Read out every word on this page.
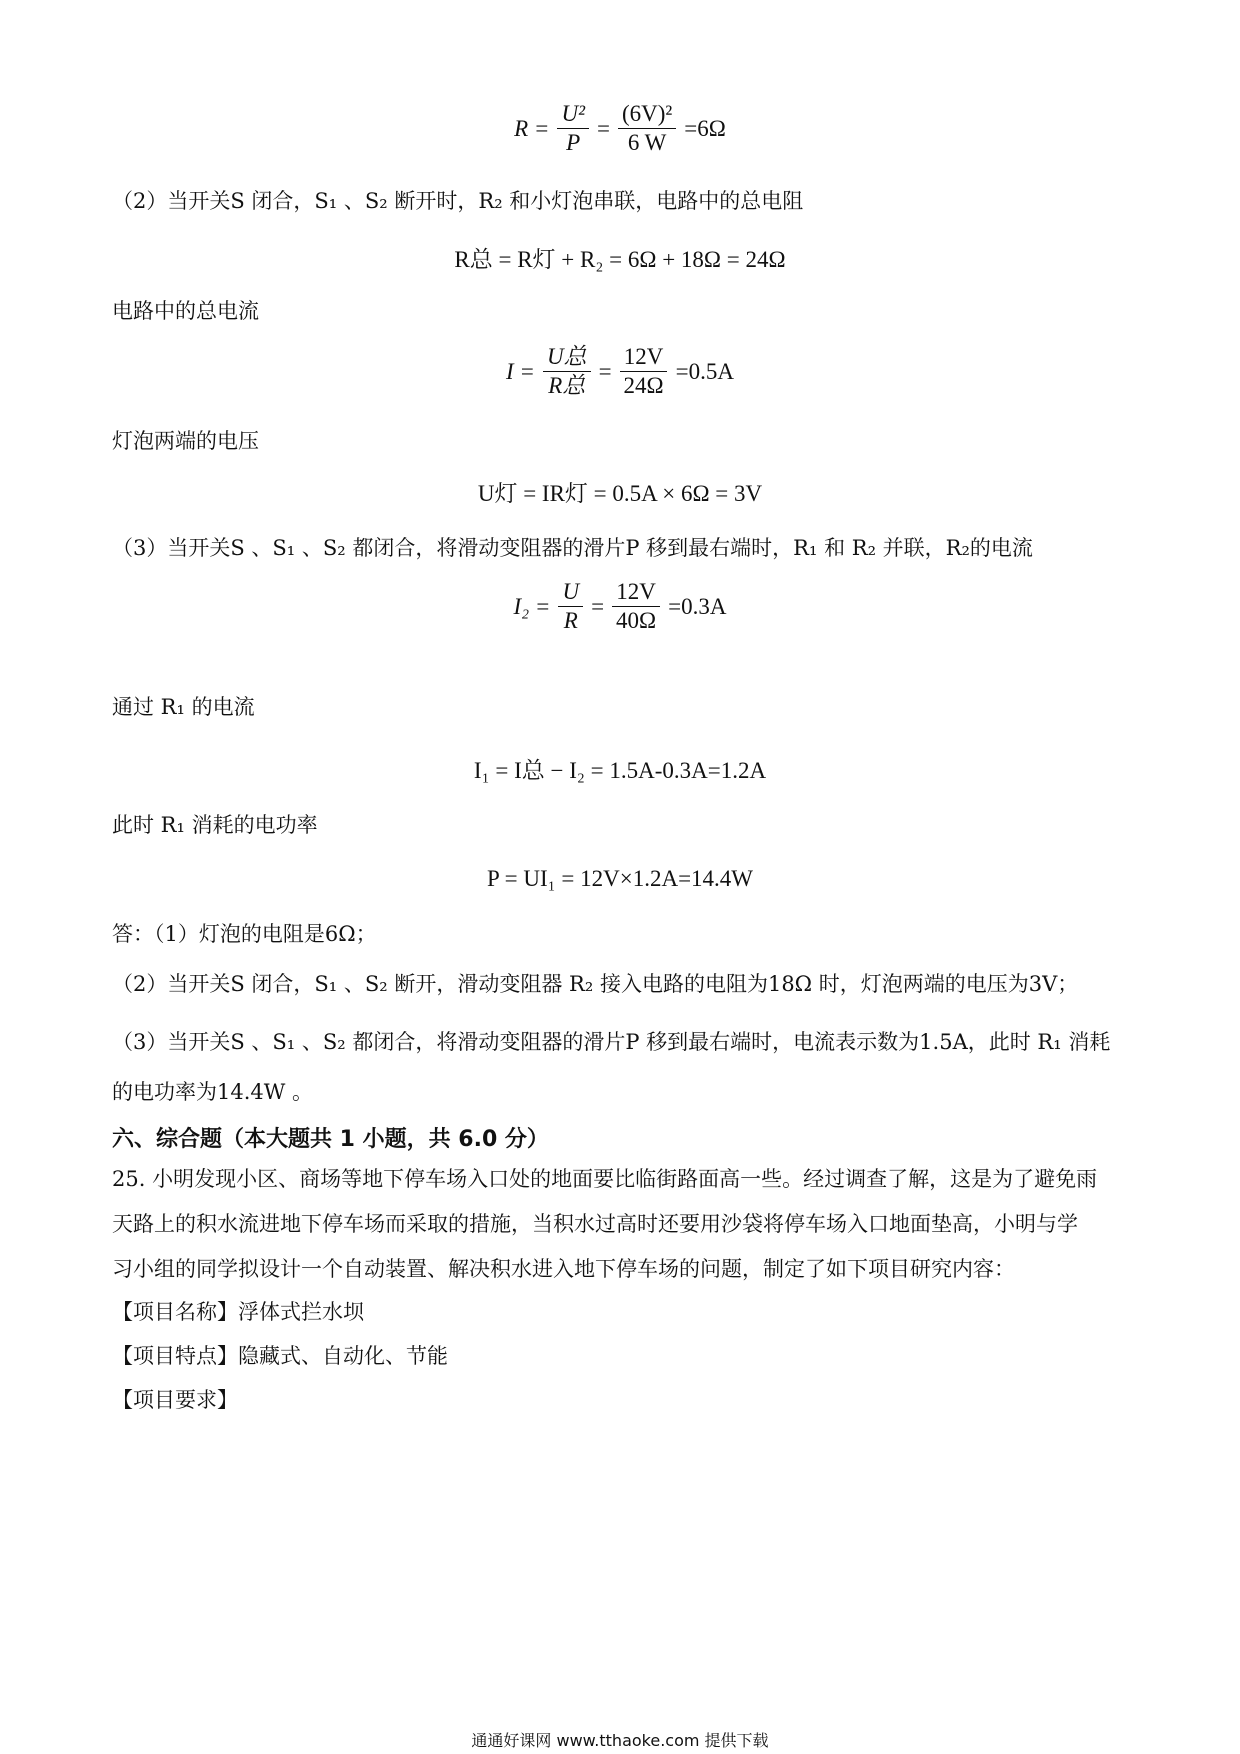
$R = \frac{\text{U²}}{P} = \frac{\text{(6V)²}}{6 W} =6\Omega$
（2）当开关S 闭合，S₁ 、S₂ 断开时，R₂ 和小灯泡串联，电路中的总电阻
R总 = R灯 + R₂ = 6Ω + 18Ω = 24Ω
电路中的总电流
$I = \frac{\text{U总}}{\text{R总}} = \frac{12V}{24\Omega} =0.5A$
灯泡两端的电压
U灯 = IR灯 = 0.5A × 6Ω = 3V
（3）当开关S 、S₁ 、S₂ 都闭合，将滑动变阻器的滑片P 移到最右端时，R₁ 和 R₂ 并联，R₂的电流
$I_2 = \frac{U}{R} = \frac{12V}{40\Omega} =0.3A$
通过 R₁ 的电流
I₁ = I总 − I₂ = 1.5A-0.3A=1.2A
此时 R₁ 消耗的电功率
P = UI₁ = 12V×1.2A=14.4W
答：（1）灯泡的电阻是6Ω；
（2）当开关S 闭合，S₁ 、S₂ 断开，滑动变阻器 R₂ 接入电路的电阻为18Ω 时，灯泡两端的电压为3V；
（3）当开关S 、S₁ 、S₂ 都闭合，将滑动变阻器的滑片P 移到最右端时，电流表示数为1.5A，此时 R₁ 消耗
的电功率为14.4W 。
六、综合题（本大题共 1 小题，共 6.0 分）
25. 小明发现小区、商场等地下停车场入口处的地面要比临街路面高一些。经过调查了解，这是为了避免雨
天路上的积水流进地下停车场而采取的措施，当积水过高时还要用沙袋将停车场入口地面垫高，小明与学
习小组的同学拟设计一个自动装置、解决积水进入地下停车场的问题，制定了如下项目研究内容：
【项目名称】浮体式拦水坝
【项目特点】隐藏式、自动化、节能
【项目要求】
通通好课网 www.tthaoke.com 提供下载
